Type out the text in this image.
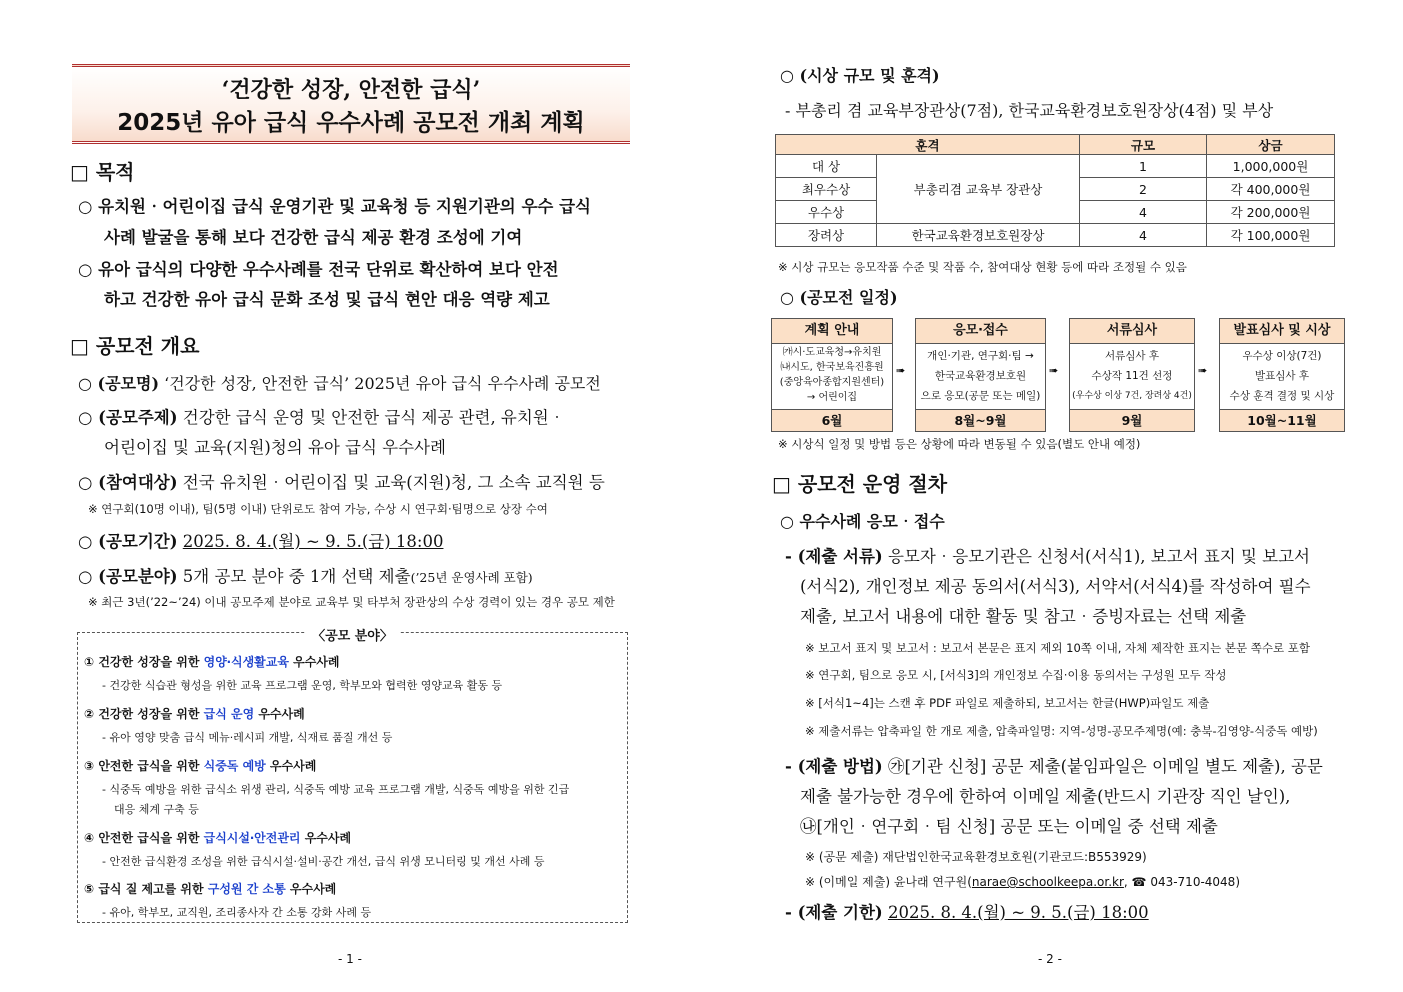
‘건강한 성장, 안전한 급식’
2025년 유아 급식 우수사례 공모전 개최 계획
□ 목적
○ 유치원‧어린이집 급식 운영기관 및 교육청 등 지원기관의 우수 급식
사례 발굴을 통해 보다 건강한 급식 제공 환경 조성에 기여
○ 유아 급식의 다양한 우수사례를 전국 단위로 확산하여 보다 안전
하고 건강한 유아 급식 문화 조성 및 급식 현안 대응 역량 제고
□ 공모전 개요
○ (공모명) ‘건강한 성장, 안전한 급식’ 2025년 유아 급식 우수사례 공모전
○ (공모주제) 건강한 급식 운영 및 안전한 급식 제공 관련, 유치원‧
어린이집 및 교육(지원)청의 유아 급식 우수사례
○ (참여대상) 전국 유치원‧어린이집 및 교육(지원)청, 그 소속 교직원 등
※ 연구회(10명 이내), 팀(5명 이내) 단위로도 참여 가능, 수상 시 연구회‧팀명으로 상장 수여
○ (공모기간) 2025. 8. 4.(월) ~ 9. 5.(금) 18:00
○ (공모분야) 5개 공모 분야 중 1개 선택 제출(’25년 운영사례 포함)
※ 최근 3년(’22~’24) 이내 공모주제 분야로 교육부 및 타부처 장관상의 수상 경력이 있는 경우 공모 제한
〈공모 분야〉
① 건강한 성장을 위한 영양‧식생활교육 우수사례
- 건강한 식습관 형성을 위한 교육 프로그램 운영, 학부모와 협력한 영양교육 활동 등
② 건강한 성장을 위한 급식 운영 우수사례
- 유아 영양 맞춤 급식 메뉴‧레시피 개발, 식재료 품질 개선 등
③ 안전한 급식을 위한 식중독 예방 우수사례
- 식중독 예방을 위한 급식소 위생 관리, 식중독 예방 교육 프로그램 개발, 식중독 예방을 위한 긴급
대응 체계 구축 등
④ 안전한 급식을 위한 급식시설‧안전관리 우수사례
- 안전한 급식환경 조성을 위한 급식시설‧설비‧공간 개선, 급식 위생 모니터링 및 개선 사례 등
⑤ 급식 질 제고를 위한 구성원 간 소통 우수사례
- 유아, 학부모, 교직원, 조리종사자 간 소통 강화 사례 등
- 1 -
○ (시상 규모 및 훈격)
- 부총리 겸 교육부장관상(7점), 한국교육환경보호원장상(4점) 및 부상
훈격		규모	상금
대 상	부총리겸 교육부 장관상	1	1,000,000원
최우수상		2	각 400,000원
우수상		4	각 200,000원
장려상	한국교육환경보호원장상	4	각 100,000원
※ 시상 규모는 응모작품 수준 및 작품 수, 참여대상 현황 등에 따라 조정될 수 있음
○ (공모전 일정)
계획 안내
㈎시‧도교육청→유치원
㈏시도, 한국보육진흥원
(중앙육아종합지원센터)
→ 어린이집
6월
➠
응모‧접수
개인‧기관, 연구회‧팀 →
한국교육환경보호원
으로 응모(공문 또는 메일)
8월~9월
➠
서류심사
서류심사 후
수상작 11건 선정
(우수상 이상 7건, 장려상 4건)
9월
➠
발표심사 및 시상
우수상 이상(7건)
발표심사 후
수상 훈격 결정 및 시상
10월~11월
※ 시상식 일정 및 방법 등은 상황에 따라 변동될 수 있음(별도 안내 예정)
□ 공모전 운영 절차
○ 우수사례 응모‧접수
- (제출 서류) 응모자‧응모기관은 신청서(서식1), 보고서 표지 및 보고서
(서식2), 개인정보 제공 동의서(서식3), 서약서(서식4)를 작성하여 필수
제출, 보고서 내용에 대한 활동 및 참고‧증빙자료는 선택 제출
※ 보고서 표지 및 보고서 : 보고서 본문은 표지 제외 10쪽 이내, 자체 제작한 표지는 본문 쪽수로 포함
※ 연구회, 팀으로 응모 시, [서식3]의 개인정보 수집‧이용 동의서는 구성원 모두 작성
※ [서식1~4]는 스캔 후 PDF 파일로 제출하되, 보고서는 한글(HWP)파일도 제출
※ 제출서류는 압축파일 한 개로 제출, 압축파일명: 지역-성명-공모주제명(예: 충북-김영양-식중독 예방)
- (제출 방법) ㉮[기관 신청] 공문 제출(붙임파일은 이메일 별도 제출), 공문
제출 불가능한 경우에 한하여 이메일 제출(반드시 기관장 직인 날인),
㉯[개인‧연구회‧팀 신청] 공문 또는 이메일 중 선택 제출
※ (공문 제출) 재단법인한국교육환경보호원(기관코드:B553929)
※ (이메일 제출) 윤나래 연구원(narae@schoolkeepa.or.kr, ☎ 043-710-4048)
- (제출 기한) 2025. 8. 4.(월) ~ 9. 5.(금) 18:00
- 2 -
